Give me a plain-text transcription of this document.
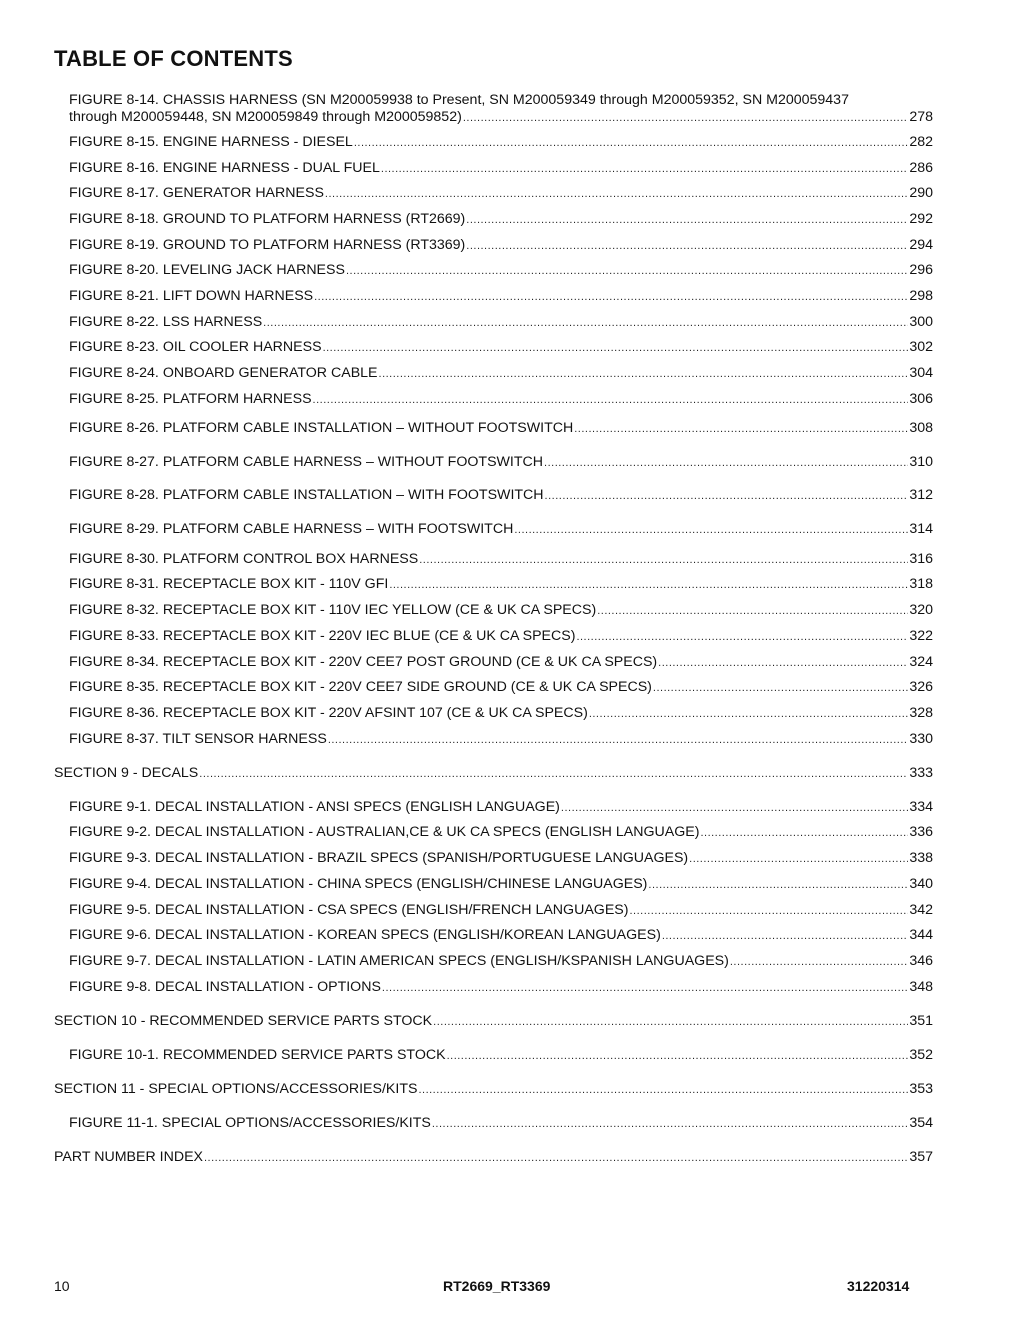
TABLE OF CONTENTS
FIGURE 8-14. CHASSIS HARNESS (SN M200059938 to Present, SN M200059349 through M200059352, SN M200059437
through M200059448, SN M200059849 through M200059852) .....	278
FIGURE 8-15. ENGINE HARNESS - DIESEL .....	282
FIGURE 8-16. ENGINE HARNESS - DUAL FUEL .....	286
FIGURE 8-17. GENERATOR HARNESS .....	290
FIGURE 8-18. GROUND TO PLATFORM HARNESS (RT2669) .....	292
FIGURE 8-19. GROUND TO PLATFORM HARNESS (RT3369) .....	294
FIGURE 8-20. LEVELING JACK HARNESS .....	296
FIGURE 8-21. LIFT DOWN HARNESS .....	298
FIGURE 8-22. LSS HARNESS .....	300
FIGURE 8-23. OIL COOLER HARNESS .....	302
FIGURE 8-24. ONBOARD GENERATOR CABLE .....	304
FIGURE 8-25. PLATFORM HARNESS .....	306
FIGURE 8-26. PLATFORM CABLE INSTALLATION – WITHOUT FOOTSWITCH .....	308
FIGURE 8-27. PLATFORM CABLE HARNESS – WITHOUT FOOTSWITCH .....	310
FIGURE 8-28. PLATFORM CABLE INSTALLATION – WITH FOOTSWITCH .....	312
FIGURE 8-29. PLATFORM CABLE HARNESS – WITH FOOTSWITCH .....	314
FIGURE 8-30. PLATFORM CONTROL BOX HARNESS .....	316
FIGURE 8-31. RECEPTACLE BOX KIT - 110V GFI .....	318
FIGURE 8-32. RECEPTACLE BOX KIT - 110V IEC YELLOW (CE & UK CA SPECS) .....	320
FIGURE 8-33. RECEPTACLE BOX KIT - 220V IEC BLUE (CE & UK CA SPECS) .....	322
FIGURE 8-34. RECEPTACLE BOX KIT - 220V CEE7 POST GROUND (CE & UK CA SPECS) .....	324
FIGURE 8-35. RECEPTACLE BOX KIT - 220V CEE7 SIDE GROUND (CE & UK CA SPECS) .....	326
FIGURE 8-36. RECEPTACLE BOX KIT - 220V AFSINT 107 (CE & UK CA SPECS) .....	328
FIGURE 8-37. TILT SENSOR HARNESS .....	330
SECTION 9 - DECALS .....	333
FIGURE 9-1. DECAL INSTALLATION - ANSI SPECS (ENGLISH LANGUAGE) .....	334
FIGURE 9-2. DECAL INSTALLATION - AUSTRALIAN,CE & UK CA SPECS (ENGLISH LANGUAGE) .....	336
FIGURE 9-3. DECAL INSTALLATION - BRAZIL SPECS (SPANISH/PORTUGUESE LANGUAGES) .....	338
FIGURE 9-4. DECAL INSTALLATION - CHINA SPECS (ENGLISH/CHINESE LANGUAGES) .....	340
FIGURE 9-5. DECAL INSTALLATION - CSA SPECS (ENGLISH/FRENCH LANGUAGES) .....	342
FIGURE 9-6. DECAL INSTALLATION - KOREAN SPECS (ENGLISH/KOREAN LANGUAGES) .....	344
FIGURE 9-7. DECAL INSTALLATION - LATIN AMERICAN SPECS (ENGLISH/KSPANISH LANGUAGES) .....	346
FIGURE 9-8. DECAL INSTALLATION - OPTIONS .....	348
SECTION 10 - RECOMMENDED SERVICE PARTS STOCK .....	351
FIGURE 10-1. RECOMMENDED SERVICE PARTS STOCK .....	352
SECTION 11 - SPECIAL OPTIONS/ACCESSORIES/KITS .....	353
FIGURE 11-1. SPECIAL OPTIONS/ACCESSORIES/KITS .....	354
PART NUMBER INDEX .....	357
10	RT2669_RT3369	31220314
